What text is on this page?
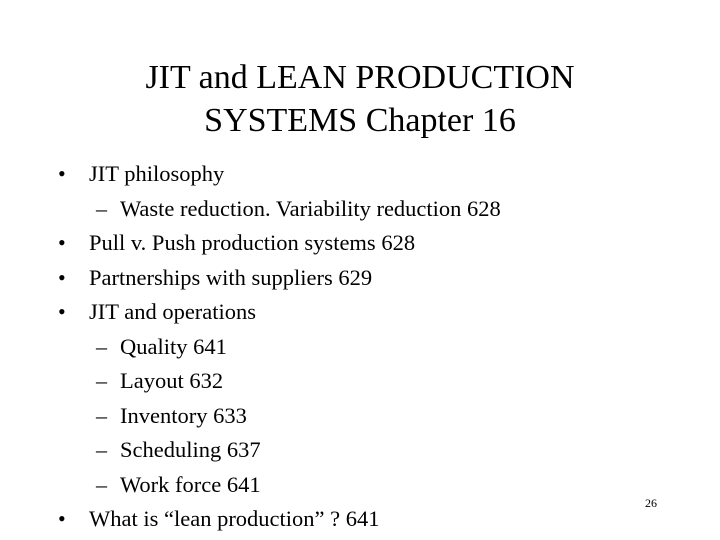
JIT and LEAN PRODUCTION
SYSTEMS Chapter 16
• JIT philosophy
– Waste reduction. Variability reduction 628
• Pull v. Push production systems 628
• Partnerships with suppliers 629
• JIT and operations
– Quality 641
– Layout 632
– Inventory 633
– Scheduling 637
– Work force 641
• What is “lean production” ? 641
26
